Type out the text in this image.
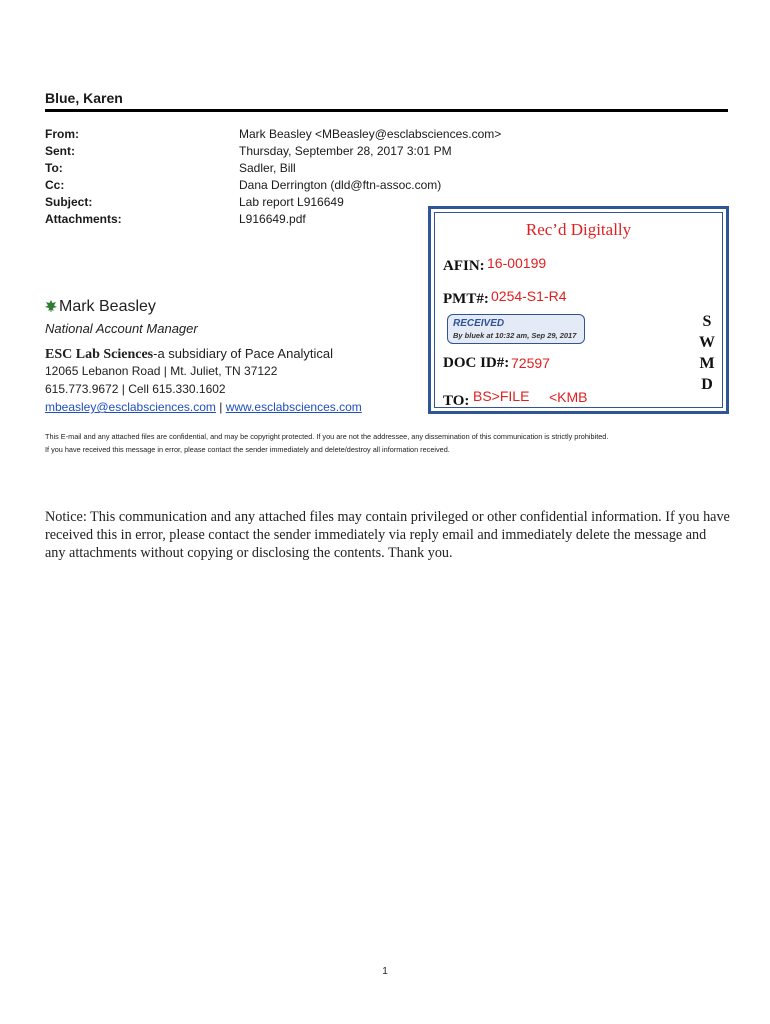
Blue, Karen
From:	Mark Beasley <MBeasley@esclabsciences.com>
Sent:	Thursday, September 28, 2017 3:01 PM
To:	Sadler, Bill
Cc:	Dana Derrington (dld@ftn-assoc.com)
Subject:	Lab report L916649
Attachments:	L916649.pdf
Rec’d Digitally
AFIN: 16-00199
PMT#: 0254-S1-R4
RECEIVED
By bluek at 10:32 am, Sep 29, 2017
DOC ID#: 72597
TO: BS>FILE <KMB
S
W
M
D
Mark Beasley
National Account Manager
ESC Lab Sciences-a subsidiary of Pace Analytical
12065 Lebanon Road | Mt. Juliet, TN 37122
615.773.9672 | Cell 615.330.1602
mbeasley@esclabsciences.com | www.esclabsciences.com
This E-mail and any attached files are confidential, and may be copyright protected. If you are not the addressee, any dissemination of this communication is strictly prohibited.
If you have received this message in error, please contact the sender immediately and delete/destroy all information received.
Notice: This communication and any attached files may contain privileged or other confidential information. If you have received this in error, please contact the sender immediately via reply email and immediately delete the message and any attachments without copying or disclosing the contents. Thank you.
1
